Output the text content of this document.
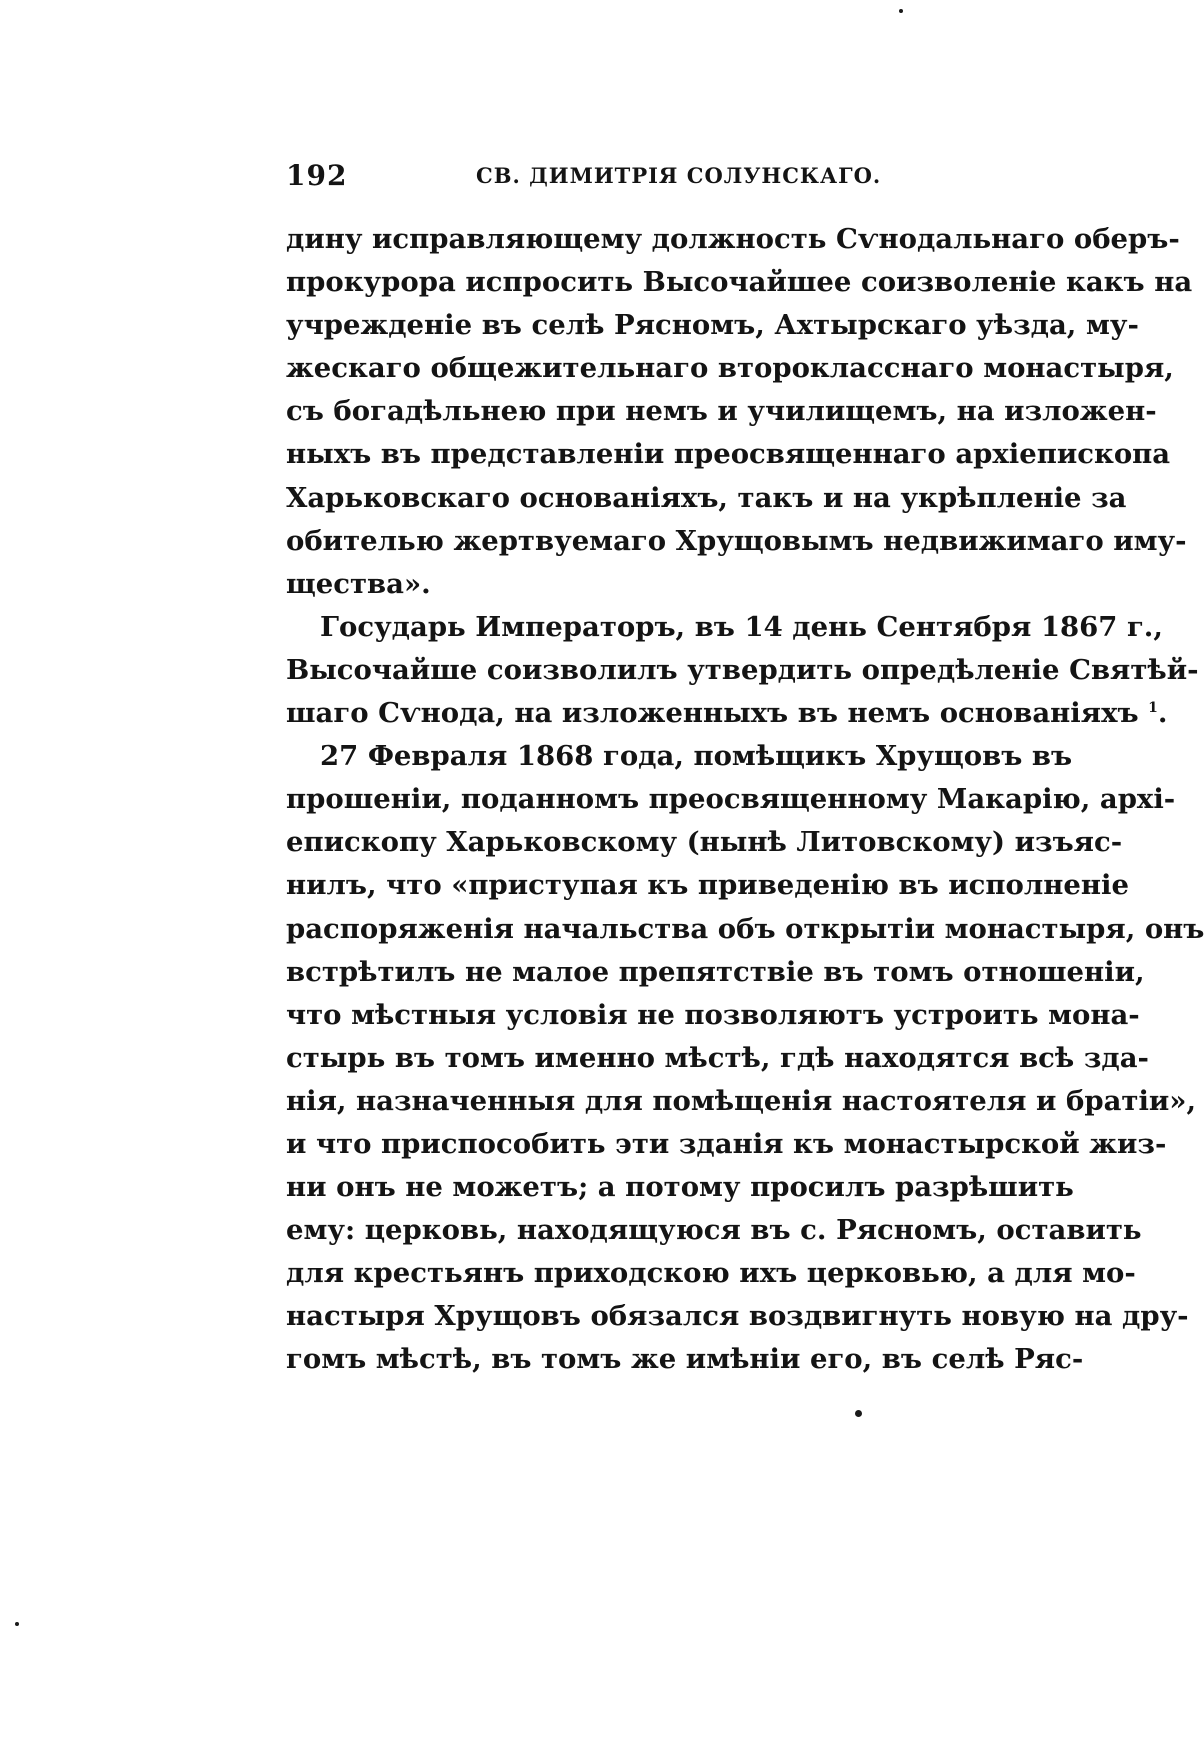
192	СВ. ДИМИТРІЯ СОЛУНСКАГО.
дину исправляющему должность Сѵнодальнаго оберъ-
прокурора испросить Высочайшее соизволеніе какъ на
учрежденіе въ селѣ Рясномъ, Ахтырскаго уѣзда, му-
жескаго общежительнаго второкласснаго монастыря,
съ богадѣльнею при немъ и училищемъ, на изложен-
ныхъ въ представленіи преосвященнаго архіепископа
Харьковскаго основаніяхъ, такъ и на укрѣпленіе за
обителью жертвуемаго Хрущовымъ недвижимаго иму-
щества».
Государь Императоръ, въ 14 день Сентября 1867 г.,
Высочайше соизволилъ утвердить опредѣленіе Святѣй-
шаго Сѵнода, на изложенныхъ въ немъ основаніяхъ $^1$.
27 Февраля 1868 года, помѣщикъ Хрущовъ въ
прошеніи, поданномъ преосвященному Макарію, архі-
епископу Харьковскому (нынѣ Литовскому) изъяс-
нилъ, что «приступая къ приведенію въ исполненіе
распоряженія начальства объ открытіи монастыря, онъ
встрѣтилъ не малое препятствіе въ томъ отношеніи,
что мѣстныя условія не позволяютъ устроить мона-
стырь въ томъ именно мѣстѣ, гдѣ находятся всѣ зда-
нія, назначенныя для помѣщенія настоятеля и братіи»,
и что приспособить эти зданія къ монастырской жиз-
ни онъ не можетъ; а потому просилъ разрѣшить
ему: церковь, находящуюся въ с. Рясномъ, оставить
для крестьянъ приходскою ихъ церковью, а для мо-
настыря Хрущовъ обязался воздвигнуть новую на дру-
гомъ мѣстѣ, въ томъ же имѣніи его, въ селѣ Ряс-
